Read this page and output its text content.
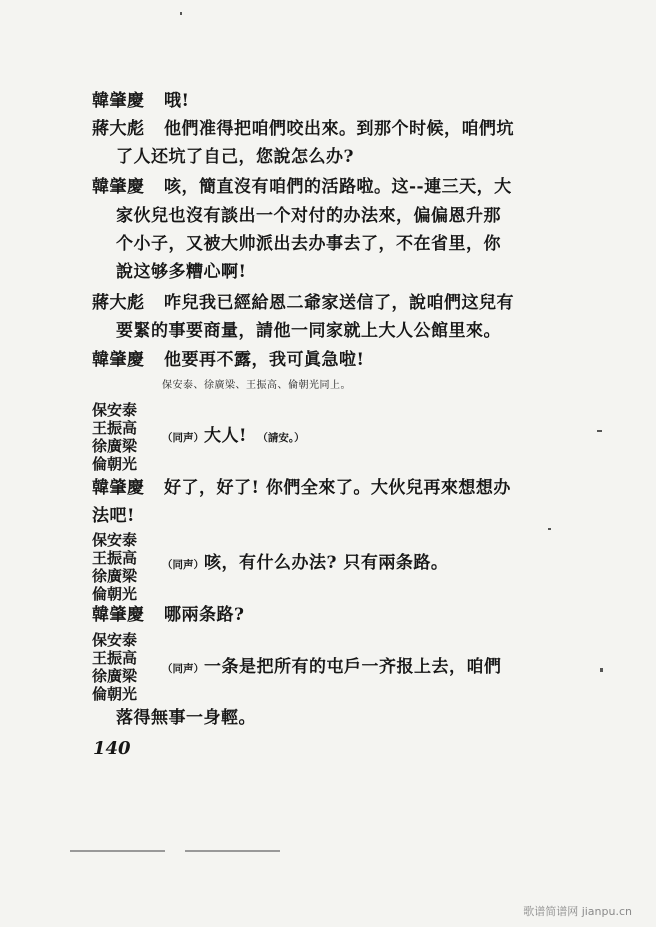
韓肇慶 哦!
蔣大彪 他們准得把咱們咬出來。到那个时候，咱們坑
了人还坑了自己，您說怎么办?
韓肇慶 咳，簡直沒有咱們的活路啦。这--連三天，大
家伙兒也沒有談出一个对付的办法來，偏偏恩升那
个小子，又被大帅派出去办事去了，不在省里，你
說这够多糟心啊!
蔣大彪 咋兒我已經給恩二爺家送信了，說咱們这兒有
要緊的事要商量，請他一同家就上大人公館里來。
韓肇慶 他要再不露，我可眞急啦!
保安泰、徐廣梁、王振高、倫朝光同上。
保安泰
王振高
徐廣梁
倫朝光
（同声）大人! （請安。）
韓肇慶 好了，好了! 你們全來了。大伙兒再來想想办
法吧!
保安泰
王振高
徐廣梁
倫朝光
（同声）咳，有什么办法? 只有兩条路。
韓肇慶 哪兩条路?
保安泰
王振高
徐廣梁
倫朝光
（同声）一条是把所有的屯戶一齐报上去，咱們
落得無事一身輕。
140
歌谱简谱网 jianpu.cn
